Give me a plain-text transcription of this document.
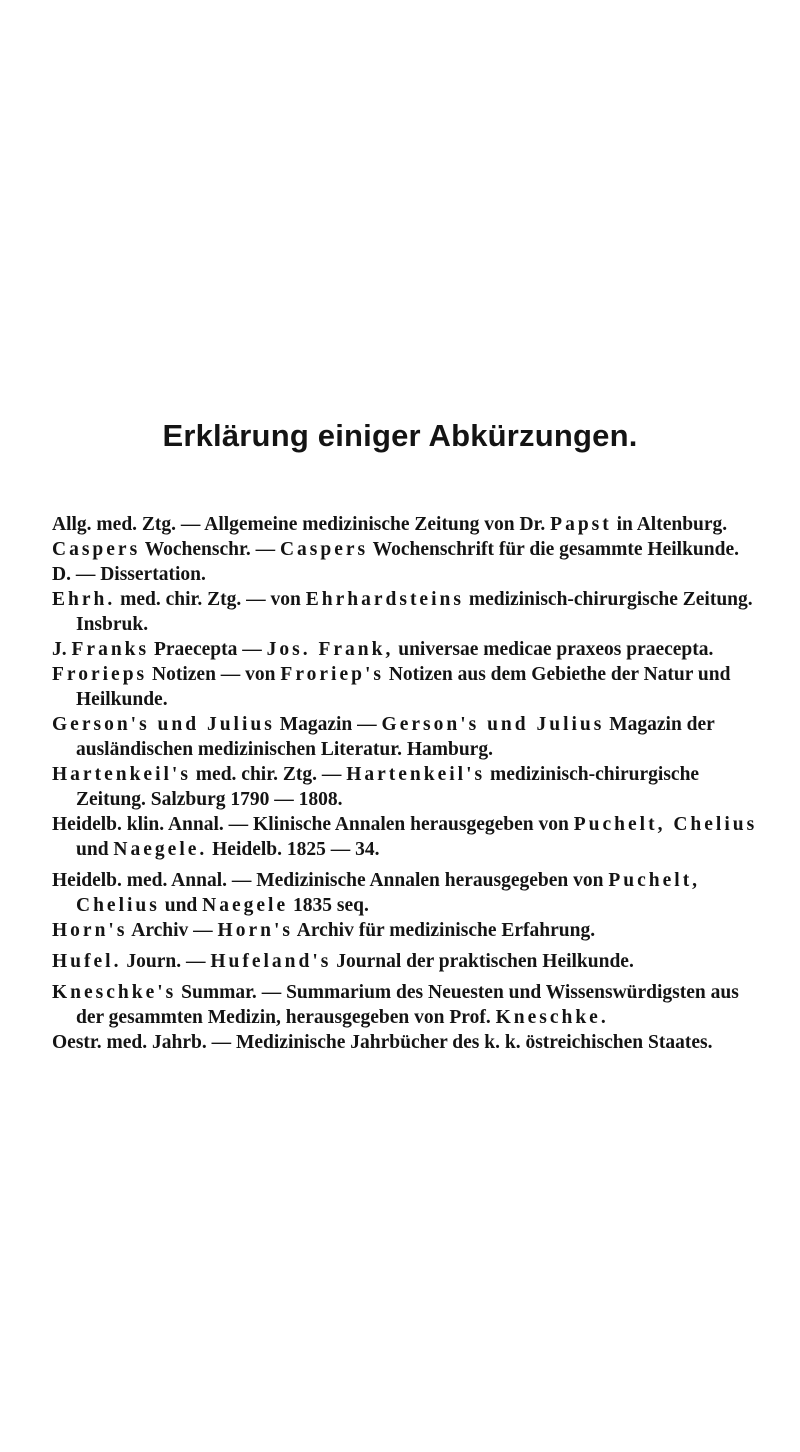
Erklärung einiger Abkürzungen.

Allg. med. Ztg. — Allgemeine medizinische Zeitung von Dr. Papst in Altenburg.

Caspers Wochenschr. — Caspers Wochenschrift für die gesammte Heilkunde.

D. — Dissertation.

Ehrh. med. chir. Ztg. — von Ehrhardsteins medizinisch-chirurgische Zeitung. Insbruk.

J. Franks Praecepta — Jos. Frank, universae medicae praxeos praecepta.

Frorieps Notizen — von Froriep's Notizen aus dem Gebiethe der Natur und Heilkunde.

Gerson's und Julius Magazin — Gerson's und Julius Magazin der ausländischen medizinischen Literatur. Hamburg.

Hartenkeil's med. chir. Ztg. — Hartenkeil's medizinisch-chirurgische Zeitung. Salzburg 1790 — 1808.

Heidelb. klin. Annal. — Klinische Annalen herausgegeben von Puchelt, Chelius und Naegele. Heidelb. 1825 — 34.

Heidelb. med. Annal. — Medizinische Annalen herausgegeben von Puchelt, Chelius und Naegele 1835 seq.

Horn's Archiv — Horn's Archiv für medizinische Erfahrung.

Hufel. Journ. — Hufeland's Journal der praktischen Heilkunde.

Kneschke's Summar. — Summarium des Neuesten und Wissenswürdigsten aus der gesammten Medizin, herausgegeben von Prof. Kneschke.

Oestr. med. Jahrb. — Medizinische Jahrbücher des k. k. östreichischen Staates.
